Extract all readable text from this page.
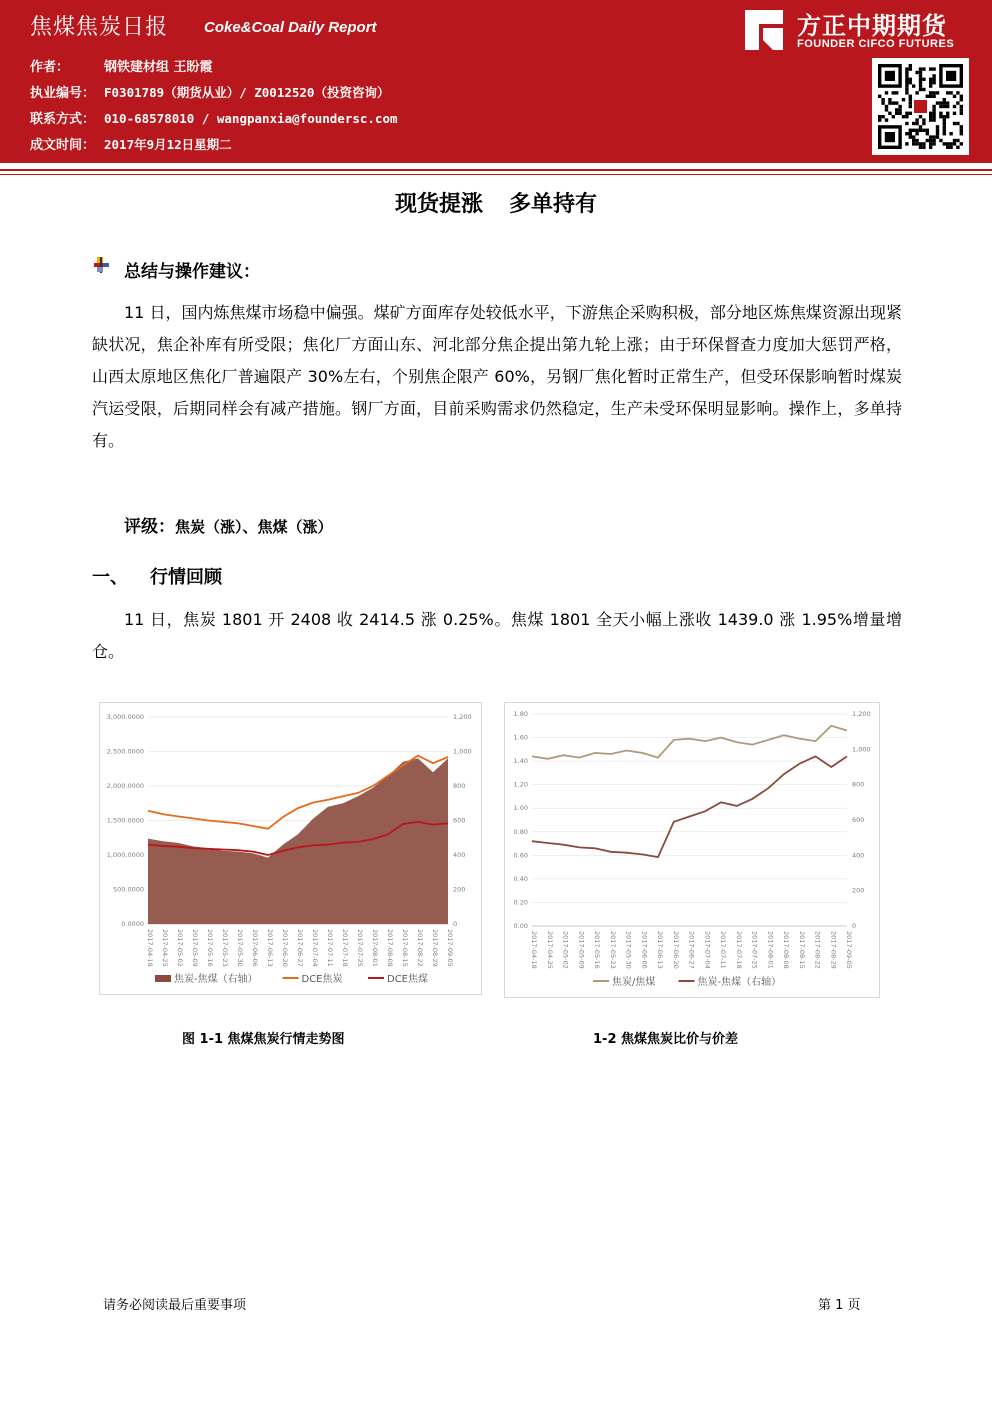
焦煤焦炭日报 Coke&Coal Daily Report
作者：	钢铁建材组 王盼霞
执业编号： F0301789（期货从业）/ Z0012520（投资咨询）
联系方式： 010-68578010 / wangpanxia@foundersc.com
成文时间： 2017年9月12日星期二
方正中期期货
FOUNDER CIFCO FUTURES
现货提涨 多单持有
总结与操作建议：
11 日，国内炼焦煤市场稳中偏强。煤矿方面库存处较低水平，下游焦企采购积极，部分地区炼焦煤资源出现紧缺状况，焦企补库有所受限；焦化厂方面山东、河北部分焦企提出第九轮上涨；由于环保督查力度加大惩罚严格，山西太原地区焦化厂普遍限产 30%左右，个别焦企限产 60%，另钢厂焦化暂时正常生产，但受环保影响暂时煤炭汽运受限，后期同样会有减产措施。钢厂方面，目前采购需求仍然稳定，生产未受环保明显影响。操作上，多单持有。
评级：焦炭（涨）、焦煤（涨）
一、 行情回顾
11 日，焦炭 1801 开 2408 收 2414.5 涨 0.25%。焦煤 1801 全天小幅上涨收 1439.0 涨 1.95%增量增仓。
0.0000
500.0000
1,000.0000
1,500.0000
2,000.0000
2,500.0000
3,000.0000
0
200
400
600
800
1,000
1,200
2017-04-18 2017-04-25 2017-05-02 2017-05-09 2017-05-16 2017-05-23 2017-05-30 2017-06-06 2017-06-13 2017-06-20 2017-06-27 2017-07-04 2017-07-11 2017-07-18 2017-07-25 2017-08-01 2017-08-08 2017-08-15 2017-08-22 2017-08-29 2017-09-05
焦炭-焦煤（右轴）	DCE焦炭	DCE焦煤
图 1-1 焦煤焦炭行情走势图
0.00
0.20
0.40
0.60
0.80
1.00
1.20
1.40
1.60
1.80
0
200
400
600
800
1,000
1,200
2017-04-18 2017-04-25 2017-05-02 2017-05-09 2017-05-16 2017-05-23 2017-05-30 2017-06-06 2017-06-13 2017-06-20 2017-06-27 2017-07-04 2017-07-11 2017-07-18 2017-07-25 2017-08-01 2017-08-08 2017-08-15 2017-08-22 2017-08-29 2017-09-05
焦炭/焦煤	焦炭-焦煤（右轴）
1-2 焦煤焦炭比价与价差
请务必阅读最后重要事项	第 1 页
